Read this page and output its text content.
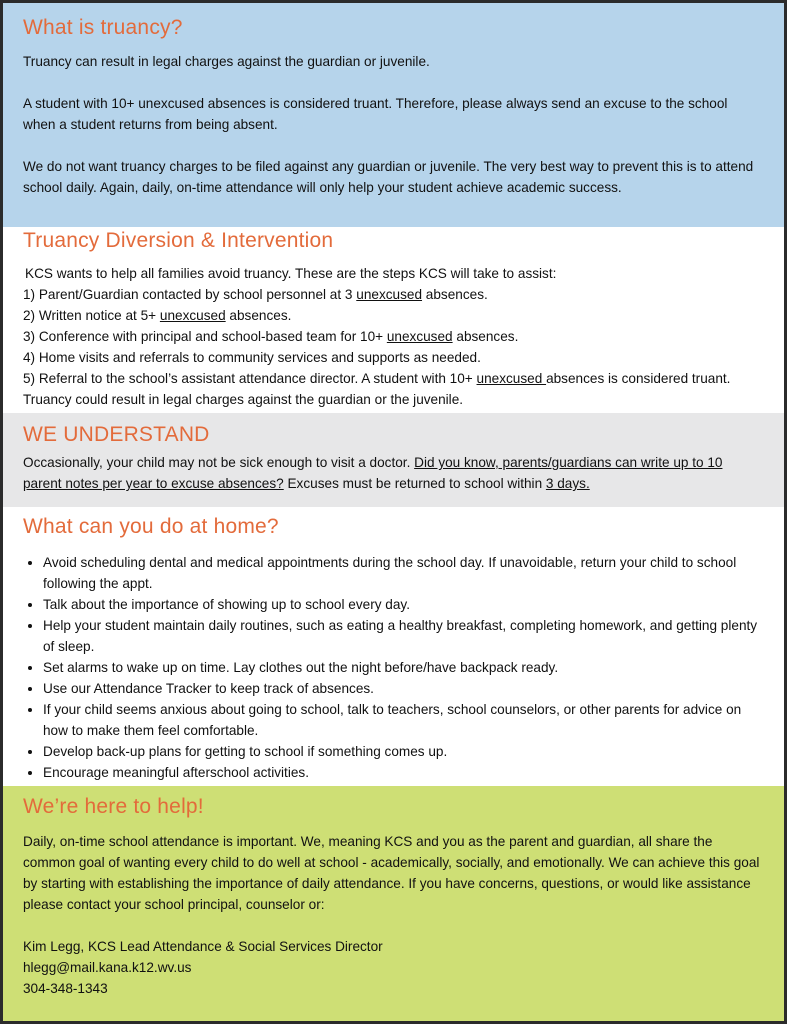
What is truancy?

Truancy can result in legal charges against the guardian or juvenile.

A student with 10+ unexcused absences is considered truant. Therefore, please always send an excuse to the school when a student returns from being absent.

We do not want truancy charges to be filed against any guardian or juvenile. The very best way to prevent this is to attend school daily. Again, daily, on-time attendance will only help your student achieve academic success.

Truancy Diversion & Intervention

KCS wants to help all families avoid truancy. These are the steps KCS will take to assist:

1) Parent/Guardian contacted by school personnel at 3 unexcused absences.

2) Written notice at 5+ unexcused absences.

3) Conference with principal and school-based team for 10+ unexcused absences.

4) Home visits and referrals to community services and supports as needed.

5) Referral to the school’s assistant attendance director. A student with 10+ unexcused absences is considered truant. Truancy could result in legal charges against the guardian or the juvenile.

WE UNDERSTAND

Occasionally, your child may not be sick enough to visit a doctor. Did you know, parents/guardians can write up to 10 parent notes per year to excuse absences? Excuses must be returned to school within 3 days.

What can you do at home?
• Avoid scheduling dental and medical appointments during the school day. If unavoidable, return your child to school following the appt.
• Talk about the importance of showing up to school every day.
• Help your student maintain daily routines, such as eating a healthy breakfast, completing homework, and getting plenty of sleep.
• Set alarms to wake up on time. Lay clothes out the night before/have backpack ready.
• Use our Attendance Tracker to keep track of absences.
• If your child seems anxious about going to school, talk to teachers, school counselors, or other parents for advice on how to make them feel comfortable.
• Develop back-up plans for getting to school if something comes up.
• Encourage meaningful afterschool activities.
We’re here to help!

Daily, on-time school attendance is important. We, meaning KCS and you as the parent and guardian, all share the common goal of wanting every child to do well at school - academically, socially, and emotionally. We can achieve this goal by starting with establishing the importance of daily attendance. If you have concerns, questions, or would like assistance please contact your school principal, counselor or:

Kim Legg, KCS Lead Attendance & Social Services Director

hlegg@mail.kana.k12.wv.us

304-348-1343
